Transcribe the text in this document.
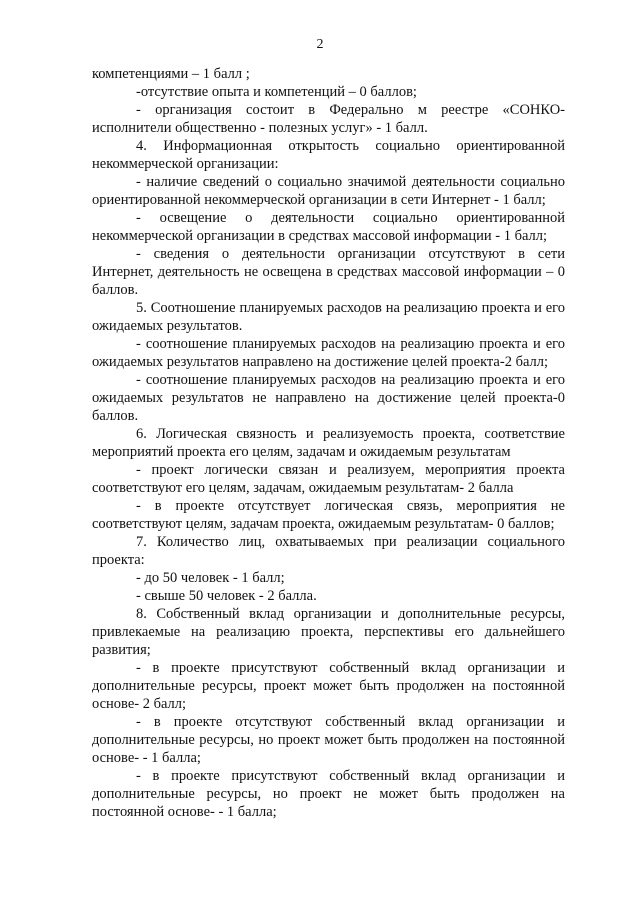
2

компетенциями – 1 балл ;

-отсутствие опыта и компетенций – 0 баллов;

- организация состоит в Федерально м реестре «СОНКО-исполнители общественно - полезных услуг» - 1 балл.

4. Информационная открытость социально ориентированной некоммерческой организации:

- наличие сведений о социально значимой деятельности социально ориентированной некоммерческой организации в сети Интернет - 1 балл;

- освещение о деятельности социально ориентированной некоммерческой организации в средствах массовой информации - 1 балл;

- сведения о деятельности организации отсутствуют в сети Интернет, деятельность не освещена в средствах массовой информации – 0 баллов.

5. Соотношение планируемых расходов на реализацию проекта и его ожидаемых результатов.

- соотношение планируемых расходов на реализацию проекта и его ожидаемых результатов направлено на достижение целей проекта-2 балл;

- соотношение планируемых расходов на реализацию проекта и его ожидаемых результатов не направлено на достижение целей проекта-0 баллов.

6. Логическая связность и реализуемость проекта, соответствие мероприятий проекта его целям, задачам и ожидаемым результатам

- проект логически связан и реализуем, мероприятия проекта соответствуют его целям, задачам, ожидаемым результатам- 2 балла

- в проекте отсутствует логическая связь, мероприятия не соответствуют целям, задачам проекта, ожидаемым результатам- 0 баллов;

7. Количество лиц, охватываемых при реализации социального проекта:

- до 50 человек - 1 балл;

- свыше 50 человек - 2 балла.

8. Собственный вклад организации и дополнительные ресурсы, привлекаемые на реализацию проекта, перспективы его дальнейшего развития;

- в проекте присутствуют собственный вклад организации и дополнительные ресурсы, проект может быть продолжен на постоянной основе- 2 балл;

- в проекте отсутствуют собственный вклад организации и дополнительные ресурсы, но проект может быть продолжен на постоянной основе- - 1 балла;

- в проекте присутствуют собственный вклад организации и дополнительные ресурсы, но проект не может быть продолжен на постоянной основе- - 1 балла;
